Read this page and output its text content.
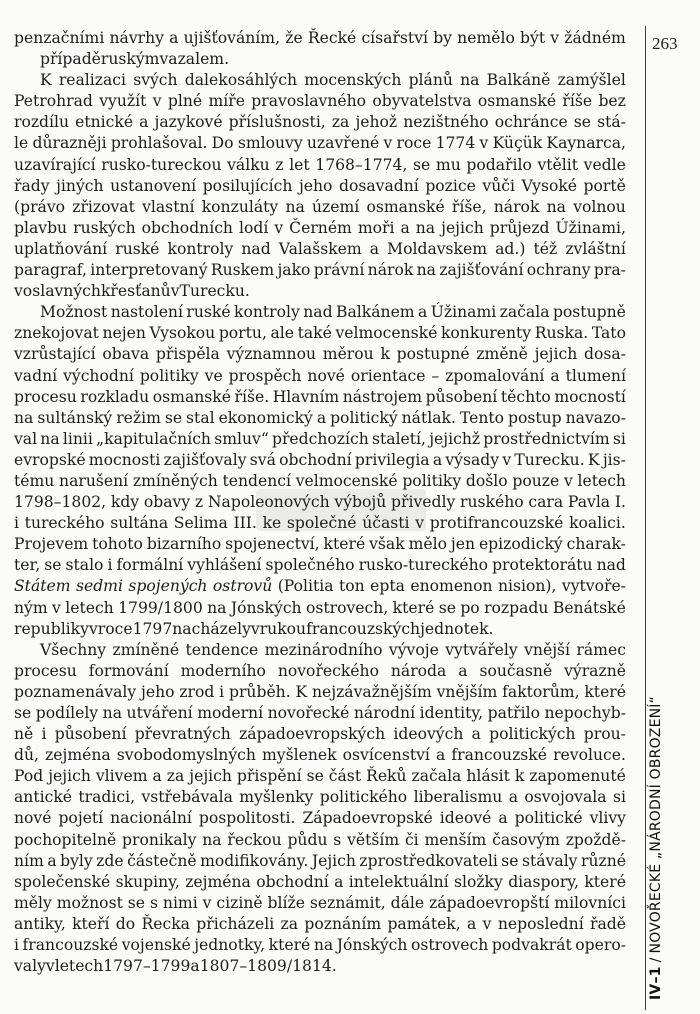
263
IV–1/NOVOŘECKÉ „NÁRODNÍ OBROZENÍ“
penzačními návrhy a ujišťováním, že Řecké císařství by nemělo být v žádném
případě ruským vazalem.
K realizaci svých dalekosáhlých mocenských plánů na Balkáně zamýšlel
Petrohrad využít v plné míře pravoslavného obyvatelstva osmanské říše bez
rozdílu etnické a jazykové příslušnosti, za jehož nezištného ochránce se stá-
le důrazněji prohlašoval. Do smlouvy uzavřené v roce 1774 v Küçük Kaynarca,
uzavírající rusko-tureckou válku z let 1768–1774, se mu podařilo vtělit vedle
řady jiných ustanovení posilujících jeho dosavadní pozice vůči Vysoké portě
(právo zřizovat vlastní konzuláty na území osmanské říše, nárok na volnou
plavbu ruských obchodních lodí v Černém moři a na jejich průjezd Úžinami,
uplatňování ruské kontroly nad Valašskem a Moldavskem ad.) též zvláštní
paragraf, interpretovaný Ruskem jako právní nárok na zajišťování ochrany pra-
voslavných křesťanů v Turecku.
Možnost nastolení ruské kontroly nad Balkánem a Úžinami začala postupně
znekojovat nejen Vysokou portu, ale také velmocenské konkurenty Ruska. Tato
vzrůstající obava přispěla významnou měrou k postupné změně jejich dosa-
vadní východní politiky ve prospěch nové orientace – zpomalování a tlumení
procesu rozkladu osmanské říše. Hlavním nástrojem působení těchto mocností
na sultánský režim se stal ekonomický a politický nátlak. Tento postup navazo-
val na linii „kapitulačních smluv“ předchozích staletí, jejichž prostřednictvím si
evropské mocnosti zajišťovaly svá obchodní privilegia a výsady v Turecku. K jis-
tému narušení zmíněných tendencí velmocenské politiky došlo pouze v letech
1798–1802, kdy obavy z Napoleonových výbojů přivedly ruského cara Pavla I.
i tureckého sultána Selima III. ke společné účasti v protifrancouzské koalici.
Projevem tohoto bizarního spojenectví, které však mělo jen epizodický charak-
ter, se stalo i formální vyhlášení společného rusko-tureckého protektorátu nad
Státem sedmi spojených ostrovů (Politia ton epta enomenon nision), vytvoře-
ným v letech 1799/1800 na Jónských ostrovech, které se po rozpadu Benátské
republiky v roce 1797 nacházely v rukou francouzských jednotek.
Všechny zmíněné tendence mezinárodního vývoje vytvářely vnější rámec
procesu formování moderního novořeckého národa a současně výrazně
poznamenávaly jeho zrod i průběh. K nejzávažnějším vnějším faktorům, které
se podílely na utváření moderní novořecké národní identity, patřilo nepochyb-
ně i působení převratných západoevropských ideových a politických prou-
dů, zejména svobodomyslných myšlenek osvícenství a francouzské revoluce.
Pod jejich vlivem a za jejich přispění se část Řeků začala hlásit k zapomenuté
antické tradici, vstřebávala myšlenky politického liberalismu a osvojovala si
nové pojetí nacionální pospolitosti. Západoevropské ideové a politické vlivy
pochopitelně pronikaly na řeckou půdu s větším či menším časovým zpoždě-
ním a byly zde částečně modifikovány. Jejich zprostředkovateli se stávaly různé
společenské skupiny, zejména obchodní a intelektuální složky diaspory, které
měly možnost se s nimi v cizině blíže seznámit, dále západoevropští milovníci
antiky, kteří do Řecka přicházeli za poznáním památek, a v neposlední řadě
i francouzské vojenské jednotky, které na Jónských ostrovech podvakrát opero-
valy v letech 1797–1799 a 1807–1809/1814.
